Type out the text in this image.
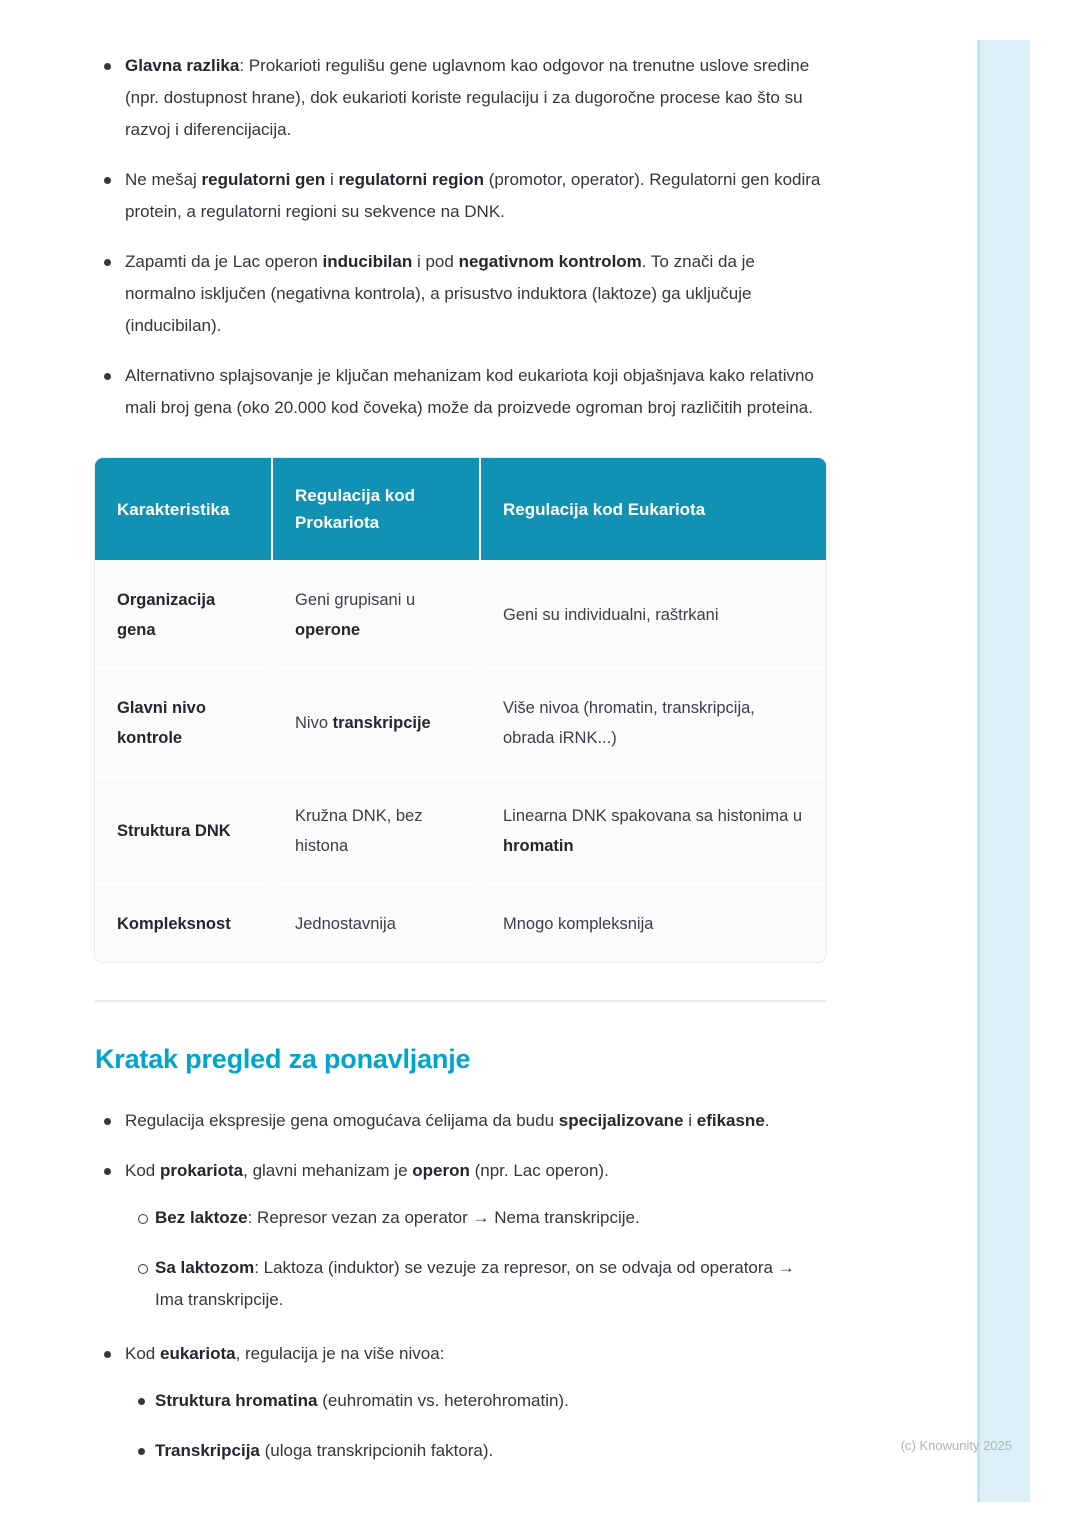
Glavna razlika: Prokarioti regulišu gene uglavnom kao odgovor na trenutne uslove sredine (npr. dostupnost hrane), dok eukarioti koriste regulaciju i za dugoročne procese kao što su razvoj i diferencijacija.

Ne mešaj regulatorni gen i regulatorni region (promotor, operator). Regulatorni gen kodira protein, a regulatorni regioni su sekvence na DNK.

Zapamti da je Lac operon inducibilan i pod negativnom kontrolom. To znači da je normalno isključen (negativna kontrola), a prisustvo induktora (laktoze) ga uključuje (inducibilan).

Alternativno splajsovanje je ključan mehanizam kod eukariota koji objašnjava kako relativno mali broj gena (oko 20.000 kod čoveka) može da proizvede ogroman broj različitih proteina.

Karakteristika	Regulacija kod Prokariota	Regulacija kod Eukariota
Organizacija gena	Geni grupisani u operone	Geni su individualni, raštrkani
Glavni nivo kontrole	Nivo transkripcije	Više nivoa (hromatin, transkripcija, obrada iRNK...)
Struktura DNK	Kružna DNK, bez histona	Linearna DNK spakovana sa histonima u hromatin
Kompleksnost	Jednostavnija	Mnogo kompleksnija
Kratak pregled za ponavljanje

Regulacija ekspresije gena omogućava ćelijama da budu specijalizovane i efikasne.

Kod prokariota, glavni mehanizam je operon (npr. Lac operon).

Bez laktoze: Represor vezan za operator → Nema transkripcije.

Sa laktozom: Laktoza (induktor) se vezuje za represor, on se odvaja od operatora → Ima transkripcije.

Kod eukariota, regulacija je na više nivoa:

Struktura hromatina (euhromatin vs. heterohromatin).

Transkripcija (uloga transkripcionih faktora).	(c) Knowunity 2025
